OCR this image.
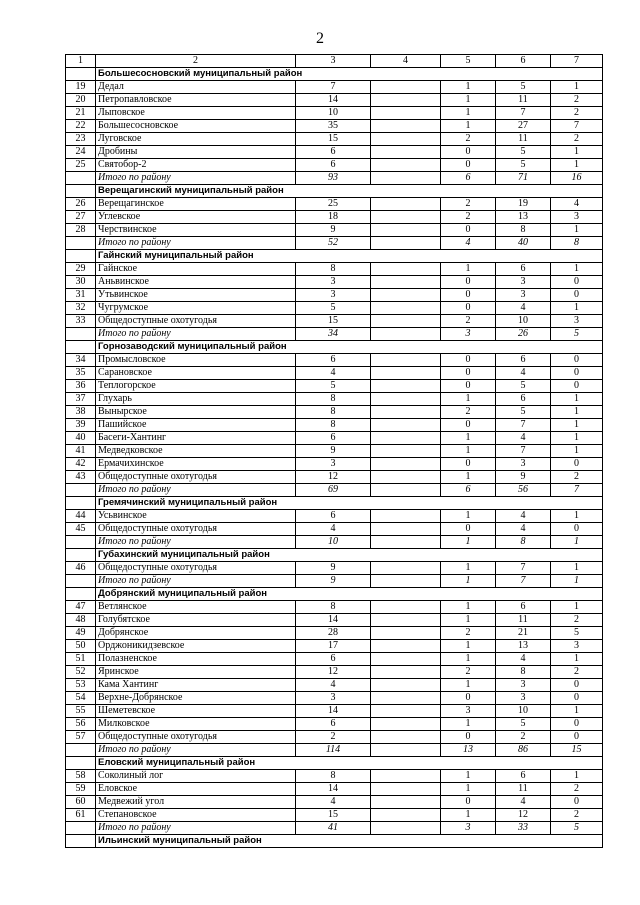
2
1	2	3	4	5	6	7
	Большесосновский муниципальный район					
19	Дедал	7		1	5	1
20	Петропавловское	14		1	11	2
21	Лыповское	10		1	7	2
22	Большесосновское	35		1	27	7
23	Луговское	15		2	11	2
24	Дробины	6		0	5	1
25	Святобор-2	6		0	5	1
	Итого по району	93		6	71	16
	Верещагинский муниципальный район					
26	Верещагинское	25		2	19	4
27	Углевское	18		2	13	3
28	Черствинское	9		0	8	1
	Итого по району	52		4	40	8
	Гайнский муниципальный район					
29	Гайнское	8		1	6	1
30	Аньвинское	3		0	3	0
31	Утьвинское	3		0	3	0
32	Чугрумское	5		0	4	1
33	Общедоступные охотугодья	15		2	10	3
	Итого по району	34		3	26	5
	Горнозаводский муниципальный район					
34	Промысловское	6		0	6	0
35	Сарановское	4		0	4	0
36	Теплогорское	5		0	5	0
37	Глухарь	8		1	6	1
38	Вынырское	8		2	5	1
39	Пашийское	8		0	7	1
40	Басеги-Хантинг	6		1	4	1
41	Медведковское	9		1	7	1
42	Ермачихинское	3		0	3	0
43	Общедоступные охотугодья	12		1	9	2
	Итого по району	69		6	56	7
	Гремячинский муниципальный район					
44	Усьвинское	6		1	4	1
45	Общедоступные охотугодья	4		0	4	0
	Итого по району	10		1	8	1
	Губахинский муниципальный район					
46	Общедоступные охотугодья	9		1	7	1
	Итого по району	9		1	7	1
	Добрянский муниципальный район					
47	Ветлянское	8		1	6	1
48	Голубятское	14		1	11	2
49	Добрянское	28		2	21	5
50	Орджоникидзевское	17		1	13	3
51	Полазненское	6		1	4	1
52	Яринское	12		2	8	2
53	Кама Хантинг	4		1	3	0
54	Верхне-Добрянское	3		0	3	0
55	Шеметевское	14		3	10	1
56	Милковское	6		1	5	0
57	Общедоступные охотугодья	2		0	2	0
	Итого по району	114		13	86	15
	Еловский муниципальный район					
58	Соколиный лог	8		1	6	1
59	Еловское	14		1	11	2
60	Медвежий угол	4		0	4	0
61	Степановское	15		1	12	2
	Итого по району	41		3	33	5
	Ильинский муниципальный район					
